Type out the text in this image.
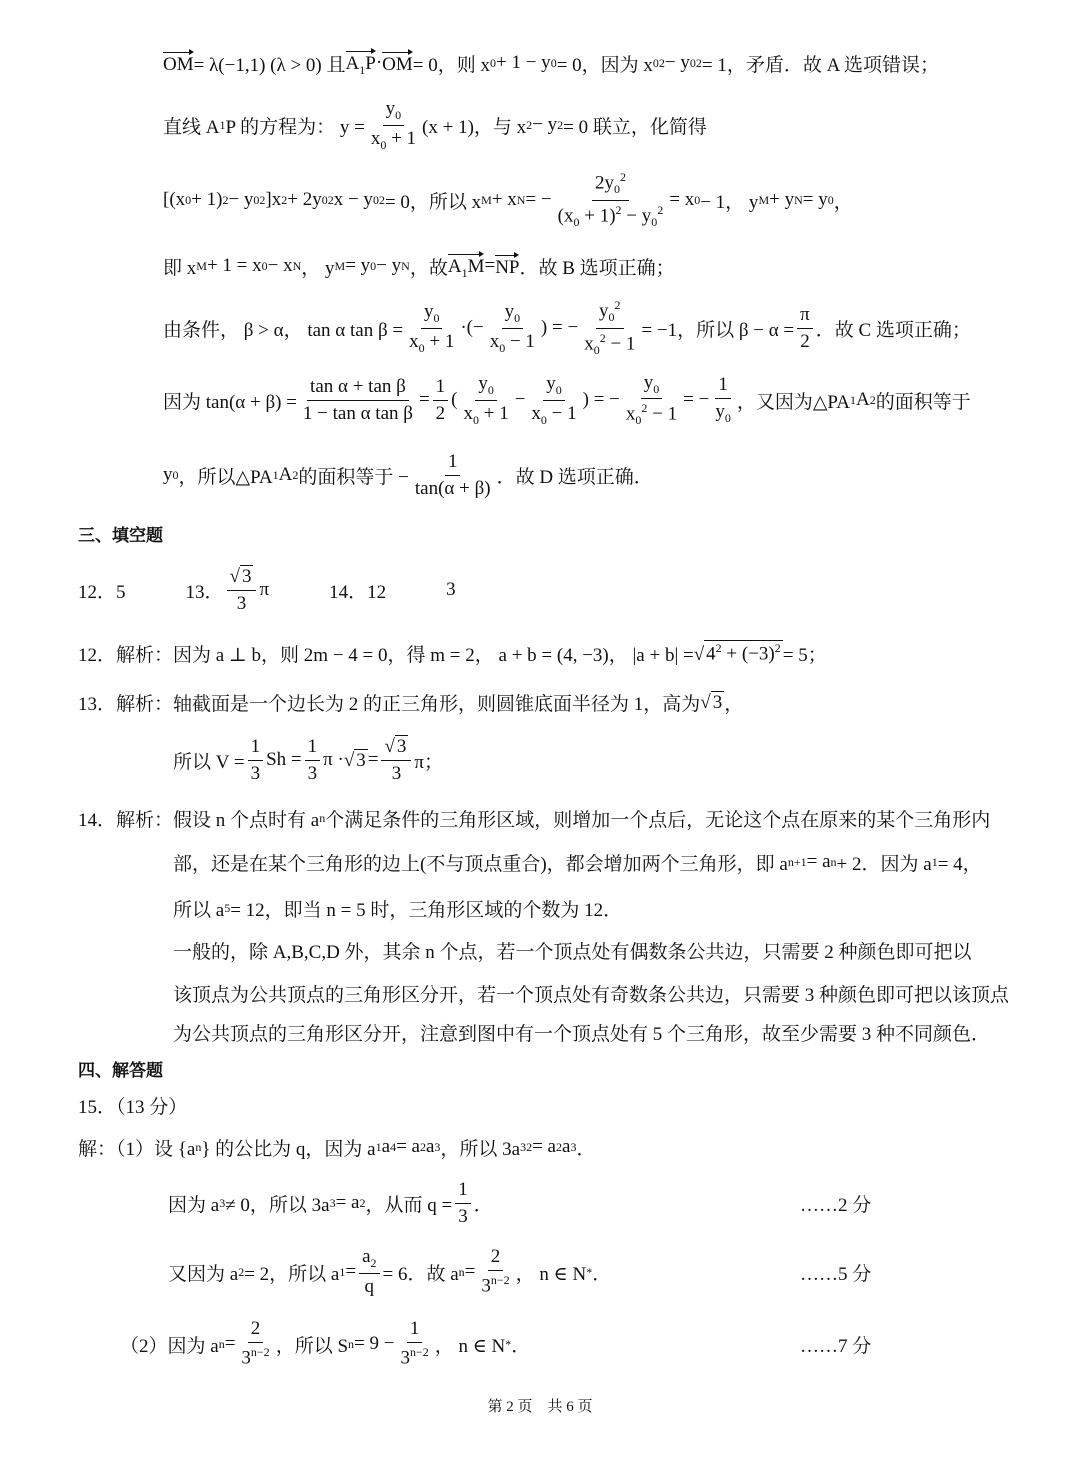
OM = λ(−1,1) (λ > 0) 且 $A_1P$ · OM = 0，则 x 0 + 1 − y 0 = 0，因为 x 0 2 − y 0 2 = 1，矛盾．故 A 选项错误；
直线 A 1 P 的方程为： $y = \frac{y_0}{x_0 + 1} (x + 1)$，与 x 2 − y 2 = 0 联立，化简得
[(x 0 + 1) 2 − y 0 2 ]x 2 + 2y 0 2 x − y 0 2 = 0，所以 x M + x N = − $\frac{2y_0^2}{(x_0 + 1)^2 - y_0^2} = x$ 0 − 1， y M + y N = y 0 ，
即 x M + 1 = x 0 − x N ， y M = y 0 − y N ，故 $A_1M$ = NP ．故 B 选项正确；
由条件， β > α， tan α $\tan \beta = \frac{y_0}{x_0 + 1}$ ·(− $\frac{y_0}{x_0 - 1}$ ) = − $\frac{y_0^2}{x_0^2 - 1} = -1$，所以 $\beta - \alpha = \frac{\pi}{2}$ ．故 C 选项正确；
因为 $\tan(\alpha + \beta) = \frac{\text{tan α + tan β}}{\text{1 − tan α tan β}} = \frac{1}{2}$ ( $\frac{y_0}{x_0 + 1} - \frac{y_0}{x_0 - 1}$ ) = − $\frac{y_0}{x_0^2 - 1}$ = − $\frac{1}{y_0}$ ，又因为△PA 1 A 2 的面积等于
y 0 ，所以△PA 1 A 2 的面积等于 − $\frac{1}{\tan(\alpha + \beta)}$ ．故 D 选项正确．
三、填空题
12．5	13． $\frac{√ 3}{3}$ π	14．12	3
12．解析：因为 a ⊥ b，则 2m − 4 = 0，得 m = 2， a + b = (4, −3)， |a + b| = √ $4^2 + (-3)^2 = 5$；
13．解析：轴截面是一个边长为 2 的正三角形，则圆锥底面半径为 1，高为 √ 3 ，
所以 $V = \frac{1}{3}$ $Sh = \frac{1}{3}$ π · √ $3 = \frac{√ 3}{3}$ π；
14．解析：假设 n 个点时有 a n 个满足条件的三角形区域，则增加一个点后，无论这个点在原来的某个三角形内
部，还是在某个三角形的边上(不与顶点重合)，都会增加两个三角形，即 a n+1 = a n + 2．因为 a 1 = 4，
所以 a 5 = 12，即当 n = 5 时，三角形区域的个数为 12．
一般的，除 A,B,C,D 外，其余 n 个点，若一个顶点处有偶数条公共边，只需要 2 种颜色即可把以
该顶点为公共顶点的三角形区分开，若一个顶点处有奇数条公共边，只需要 3 种颜色即可把以该顶点
为公共顶点的三角形区分开，注意到图中有一个顶点处有 5 个三角形，故至少需要 3 种不同颜色．
四、解答题
15．（13 分）
解：（1）设 {a n } 的公比为 q，因为 a 1 a 4 = a 2 a 3 ，所以 3a 3 2 = a 2 a 3 ．
因为 a 3 ≠ 0，所以 3a 3 = a 2 ，从而 $q = \frac{1}{3}$ ．
又因为 a 2 = 2，所以 a $1 = \frac{a_2}{q} = 6$．故 a $n = \frac{2}{3^{n-2}}$ ， n ∈ N * ．
（2）因为 a $n = \frac{2}{3^{n-2}}$ ，所以 S $n = 9 - \frac{1}{3^{n-2}}$ ， n ∈ N * ．
……2 分
……5 分
……7 分
第 2 页　共 6 页
